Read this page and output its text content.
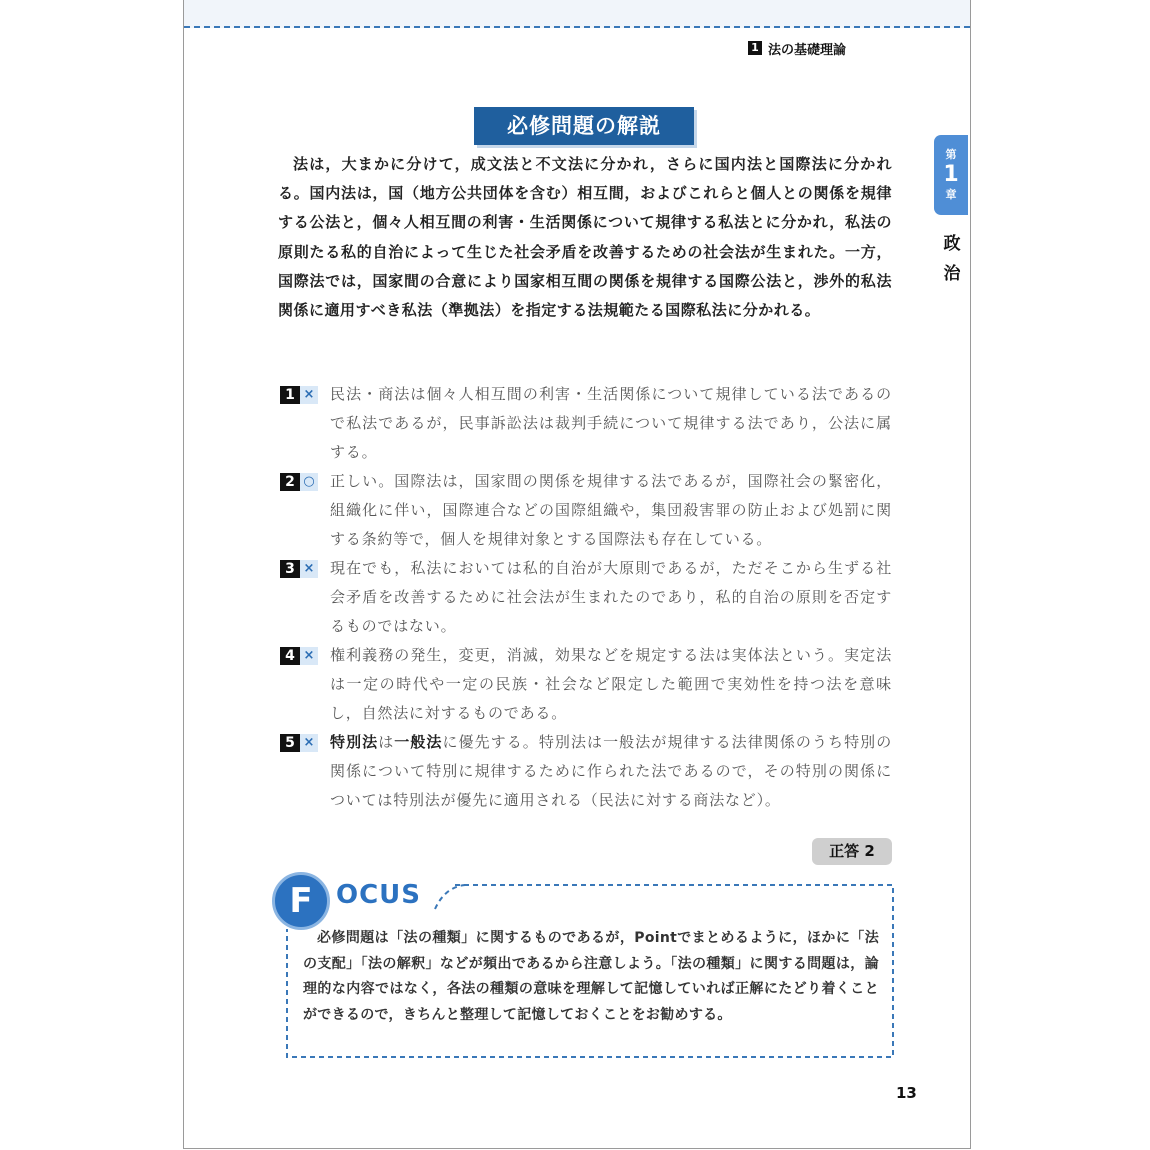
1 法の基礎理論
必修問題の解説
第
1
章
政
治

法は，大まかに分けて，成文法と不文法に分かれ，さらに国内法と国際法に分かれる。国内法は，国（地方公共団体を含む）相互間，およびこれらと個人との関係を規律する公法と，個々人相互間の利害・生活関係について規律する私法とに分かれ，私法の原則たる私的自治によって生じた社会矛盾を改善するための社会法が生まれた。一方，国際法では，国家間の合意により国家相互間の関係を規律する国際公法と，渉外的私法関係に適用すべき私法（準拠法）を指定する法規範たる国際私法に分かれる。

1 × 民法・商法は個々人相互間の利害・生活関係について規律している法であるので私法であるが，民事訴訟法は裁判手続について規律する法であり，公法に属する。

2 ○ 正しい。国際法は，国家間の関係を規律する法であるが，国際社会の緊密化，組織化に伴い，国際連合などの国際組織や，集団殺害罪の防止および処罰に関する条約等で，個人を規律対象とする国際法も存在している。

3 × 現在でも，私法においては私的自治が大原則であるが，ただそこから生ずる社会矛盾を改善するために社会法が生まれたのであり，私的自治の原則を否定するものではない。

4 × 権利義務の発生，変更，消滅，効果などを規定する法は実体法という。実定法は一定の時代や一定の民族・社会など限定した範囲で実効性を持つ法を意味し，自然法に対するものである。

5 × 特別法は一般法に優先する。特別法は一般法が規律する法律関係のうち特別の関係について特別に規律するために作られた法であるので，その特別の関係については特別法が優先に適用される（民法に対する商法など）。

正答 2
F OCUS

必修問題は「法の種類」に関するものであるが，Pointでまとめるように，ほかに「法の支配」「法の解釈」などが頻出であるから注意しよう。「法の種類」に関する問題は，論理的な内容ではなく，各法の種類の意味を理解して記憶していれば正解にたどり着くことができるので，きちんと整理して記憶しておくことをお勧めする。

13
